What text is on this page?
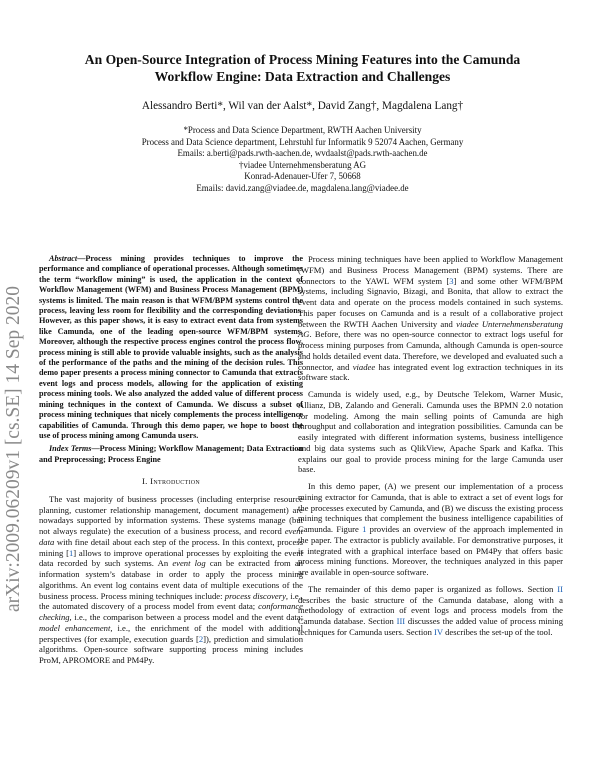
arXiv:2009.06209v1 [cs.SE] 14 Sep 2020
An Open-Source Integration of Process Mining Features into the Camunda Workflow Engine: Data Extraction and Challenges
Alessandro Berti*, Wil van der Aalst*, David Zang†, Magdalena Lang†
*Process and Data Science Department, RWTH Aachen University
Process and Data Science department, Lehrstuhl fur Informatik 9 52074 Aachen, Germany
Emails: a.berti@pads.rwth-aachen.de, wvdaalst@pads.rwth-aachen.de
†viadee Unternehmensberatung AG
Konrad-Adenauer-Ufer 7, 50668
Emails: david.zang@viadee.de, magdalena.lang@viadee.de

Abstract—Process mining provides techniques to improve the performance and compliance of operational processes. Although sometimes the term “workflow mining” is used, the application in the context of Workflow Management (WFM) and Business Process Management (BPM) systems is limited. The main reason is that WFM/BPM systems control the process, leaving less room for flexibility and the corresponding deviations. However, as this paper shows, it is easy to extract event data from systems like Camunda, one of the leading open-source WFM/BPM systems. Moreover, although the respective process engines control the process flow, process mining is still able to provide valuable insights, such as the analysis of the performance of the paths and the mining of the decision rules. This demo paper presents a process mining connector to Camunda that extracts event logs and process models, allowing for the application of existing process mining tools. We also analyzed the added value of different process mining techniques in the context of Camunda. We discuss a subset of process mining techniques that nicely complements the process intelligence capabilities of Camunda. Through this demo paper, we hope to boost the use of process mining among Camunda users.

Index Terms—Process Mining; Workflow Management; Data Extraction and Preprocessing; Process Engine

I. Introduction

The vast majority of business processes (including enterprise resource planning, customer relationship management, document management) are nowadays supported by information systems. These systems manage (but not always regulate) the execution of a business process, and record event data with fine detail about each step of the process. In this context, process mining [1] allows to improve operational processes by exploiting the event data recorded by such systems. An event log can be extracted from an information system’s database in order to apply the process mining algorithms. An event log contains event data of multiple executions of the business process. Process mining techniques include: process discovery, i.e., the automated discovery of a process model from event data; conformance checking, i.e., the comparison between a process model and the event data; model enhancement, i.e., the enrichment of the model with additional perspectives (for example, execution guards [2]), prediction and simulation algorithms. Open-source software supporting process mining includes ProM, APROMORE and PM4Py.

Process mining techniques have been applied to Workflow Management (WFM) and Business Process Management (BPM) systems. There are connectors to the YAWL WFM system [3] and some other WFM/BPM systems, including Signavio, Bizagi, and Bonita, that allow to extract the event data and operate on the process models contained in such systems. This paper focuses on Camunda and is a result of a collaborative project between the RWTH Aachen University and viadee Unternehmensberatung AG. Before, there was no open-source connector to extract logs useful for process mining purposes from Camunda, although Camunda is open-source and holds detailed event data. Therefore, we developed and evaluated such a connector, and viadee has integrated event log extraction techniques in its software stack.

Camunda is widely used, e.g., by Deutsche Telekom, Warner Music, Allianz, DB, Zalando and Generali. Camunda uses the BPMN 2.0 notation for modeling. Among the main selling points of Camunda are high throughput and collaboration and integration possibilities. Camunda can be easily integrated with different information systems, business intelligence and big data systems such as QlikView, Apache Spark and Kafka. This explains our goal to provide process mining for the large Camunda user base.

In this demo paper, (A) we present our implementation of a process mining extractor for Camunda, that is able to extract a set of event logs for the processes executed by Camunda, and (B) we discuss the existing process mining techniques that complement the business intelligence capabilities of Camunda. Figure 1 provides an overview of the approach implemented in the paper. The extractor is publicly available. For demonstrative purposes, it is integrated with a graphical interface based on PM4Py that offers basic process mining functions. Moreover, the techniques analyzed in this paper are available in open-source software.

The remainder of this demo paper is organized as follows. Section II describes the basic structure of the Camunda database, along with a methodology of extraction of event logs and process models from the Camunda database. Section III discusses the added value of process mining techniques for Camunda users. Section IV describes the set-up of the tool.
